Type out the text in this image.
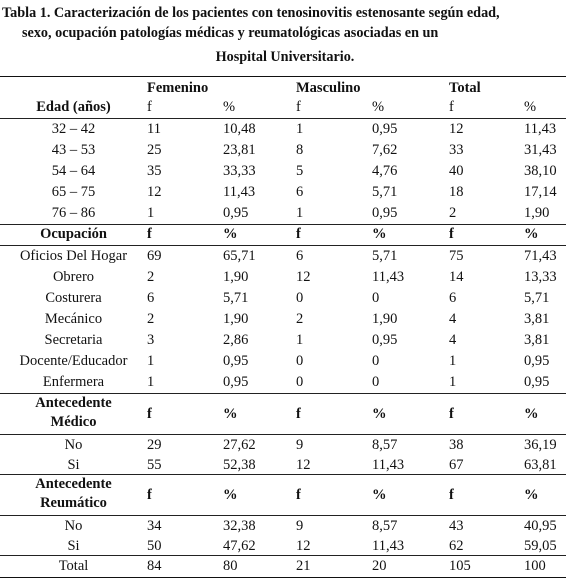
Tabla 1. Caracterización de los pacientes con tenosinovitis estenosante según edad,
sexo, ocupación patologías médicas y reumatológicas asociadas en un
Hospital Universitario.
Femenino	Masculino	Total
Edad (años)	f	%	f	%	f	%
32 – 42	11	10,48	1	0,95	12	11,43
43 – 53	25	23,81	8	7,62	33	31,43
54 – 64	35	33,33	5	4,76	40	38,10
65 – 75	12	11,43	6	5,71	18	17,14
76 – 86	1	0,95	1	0,95	2	1,90
Ocupación	f	%	f	%	f	%
Oficios Del Hogar	69	65,71	6	5,71	75	71,43
Obrero	2	1,90	12	11,43	14	13,33
Costurera	6	5,71	0	0	6	5,71
Mecánico	2	1,90	2	1,90	4	3,81
Secretaria	3	2,86	1	0,95	4	3,81
Docente/Educador	1	0,95	0	0	1	0,95
Enfermera	1	0,95	0	0	1	0,95
Antecedente
Médico	f	%	f	%	f	%
No	29	27,62	9	8,57	38	36,19
Si	55	52,38	12	11,43	67	63,81
Antecedente
Reumático	f	%	f	%	f	%
No	34	32,38	9	8,57	43	40,95
Si	50	47,62	12	11,43	62	59,05
Total	84	80	21	20	105	100
